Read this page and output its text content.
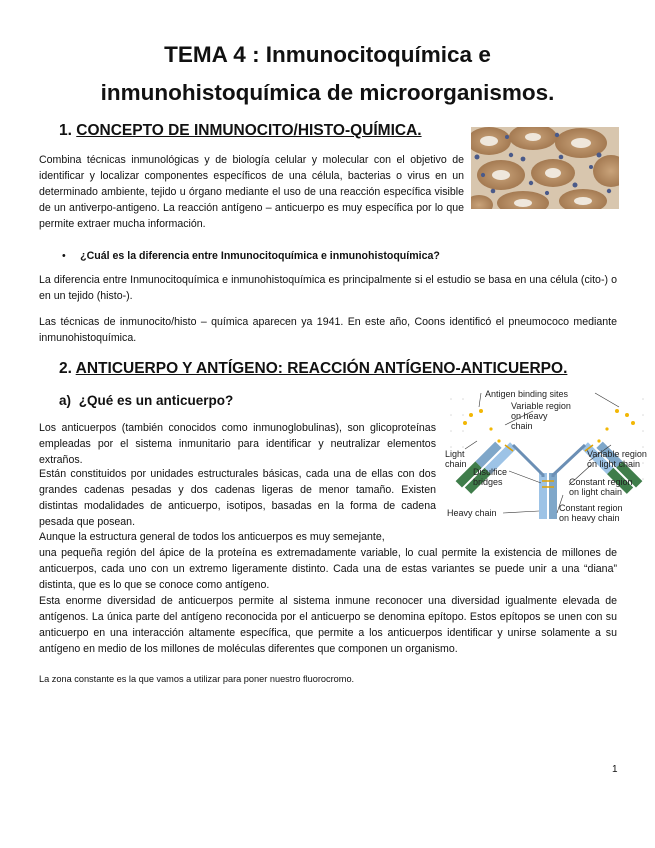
TEMA 4 : Inmunocitoquímica e
inmunohistoquímica de microorganismos.
1. CONCEPTO DE INMUNOCITO/HISTO-QUÍMICA.

Combina técnicas inmunológicas y de biología celular y molecular con el objetivo de identificar y localizar componentes específicos de una célula, bacterias o virus en un determinado ambiente, tejido u órgano mediante el uso de una reacción específica visible de un antiverpo-antigeno. La reacción antígeno – anticuerpo es muy específica por lo que permite extraer mucha información.

• ¿Cuál es la diferencia entre Inmunocitoquímica e inmunohistoquímica?

La diferencia entre Inmunocitoquímica e inmunohistoquímica es principalmente si el estudio se basa en una célula (cito-) o en un tejido (histo-).

Las técnicas de inmunocito/histo – química aparecen ya 1941. En este año, Coons identificó el pneumococo mediante inmunohistoquímica.

2. ANTICUERPO Y ANTÍGENO: REACCIÓN ANTÍGENO-ANTICUERPO.
a) ¿Qué es un anticuerpo?

Los anticuerpos (también conocidos como inmunoglobulinas), son glicoproteínas empleadas por el sistema inmunitario para identificar y neutralizar elementos extraños.

Están constituidos por unidades estructurales básicas, cada una de ellas con dos grandes cadenas pesadas y dos cadenas ligeras de menor tamaño. Existen distintas modalidades de anticuerpo, isotipos, basadas en la forma de cadena pesada que posean.

Aunque la estructura general de todos los anticuerpos es muy semejante,

una pequeña región del ápice de la proteína es extremadamente variable, lo cual permite la existencia de millones de anticuerpos, cada uno con un extremo ligeramente distinto. Cada una de estas variantes se puede unir a una “diana” distinta, que es lo que se conoce como antígeno.

Esta enorme diversidad de anticuerpos permite al sistema inmune reconocer una diversidad igualmente elevada de antígenos. La única parte del antígeno reconocida por el anticuerpo se denomina epítopo. Estos epítopos se unen con su anticuerpo en una interacción altamente específica, que permite a los anticuerpos identificar y unirse solamente a su antígeno en medio de los millones de moléculas diferentes que componen un organismo.

La zona constante es la que vamos a utilizar para poner nuestro fluorocromo.

Antigen binding sites
Variable region
on heavy
chain
Light
chain
Disulfice
bridges
Heavy chain
Variable region
on light chain
Constant region
on light chain
Constant region
on heavy chain
1
